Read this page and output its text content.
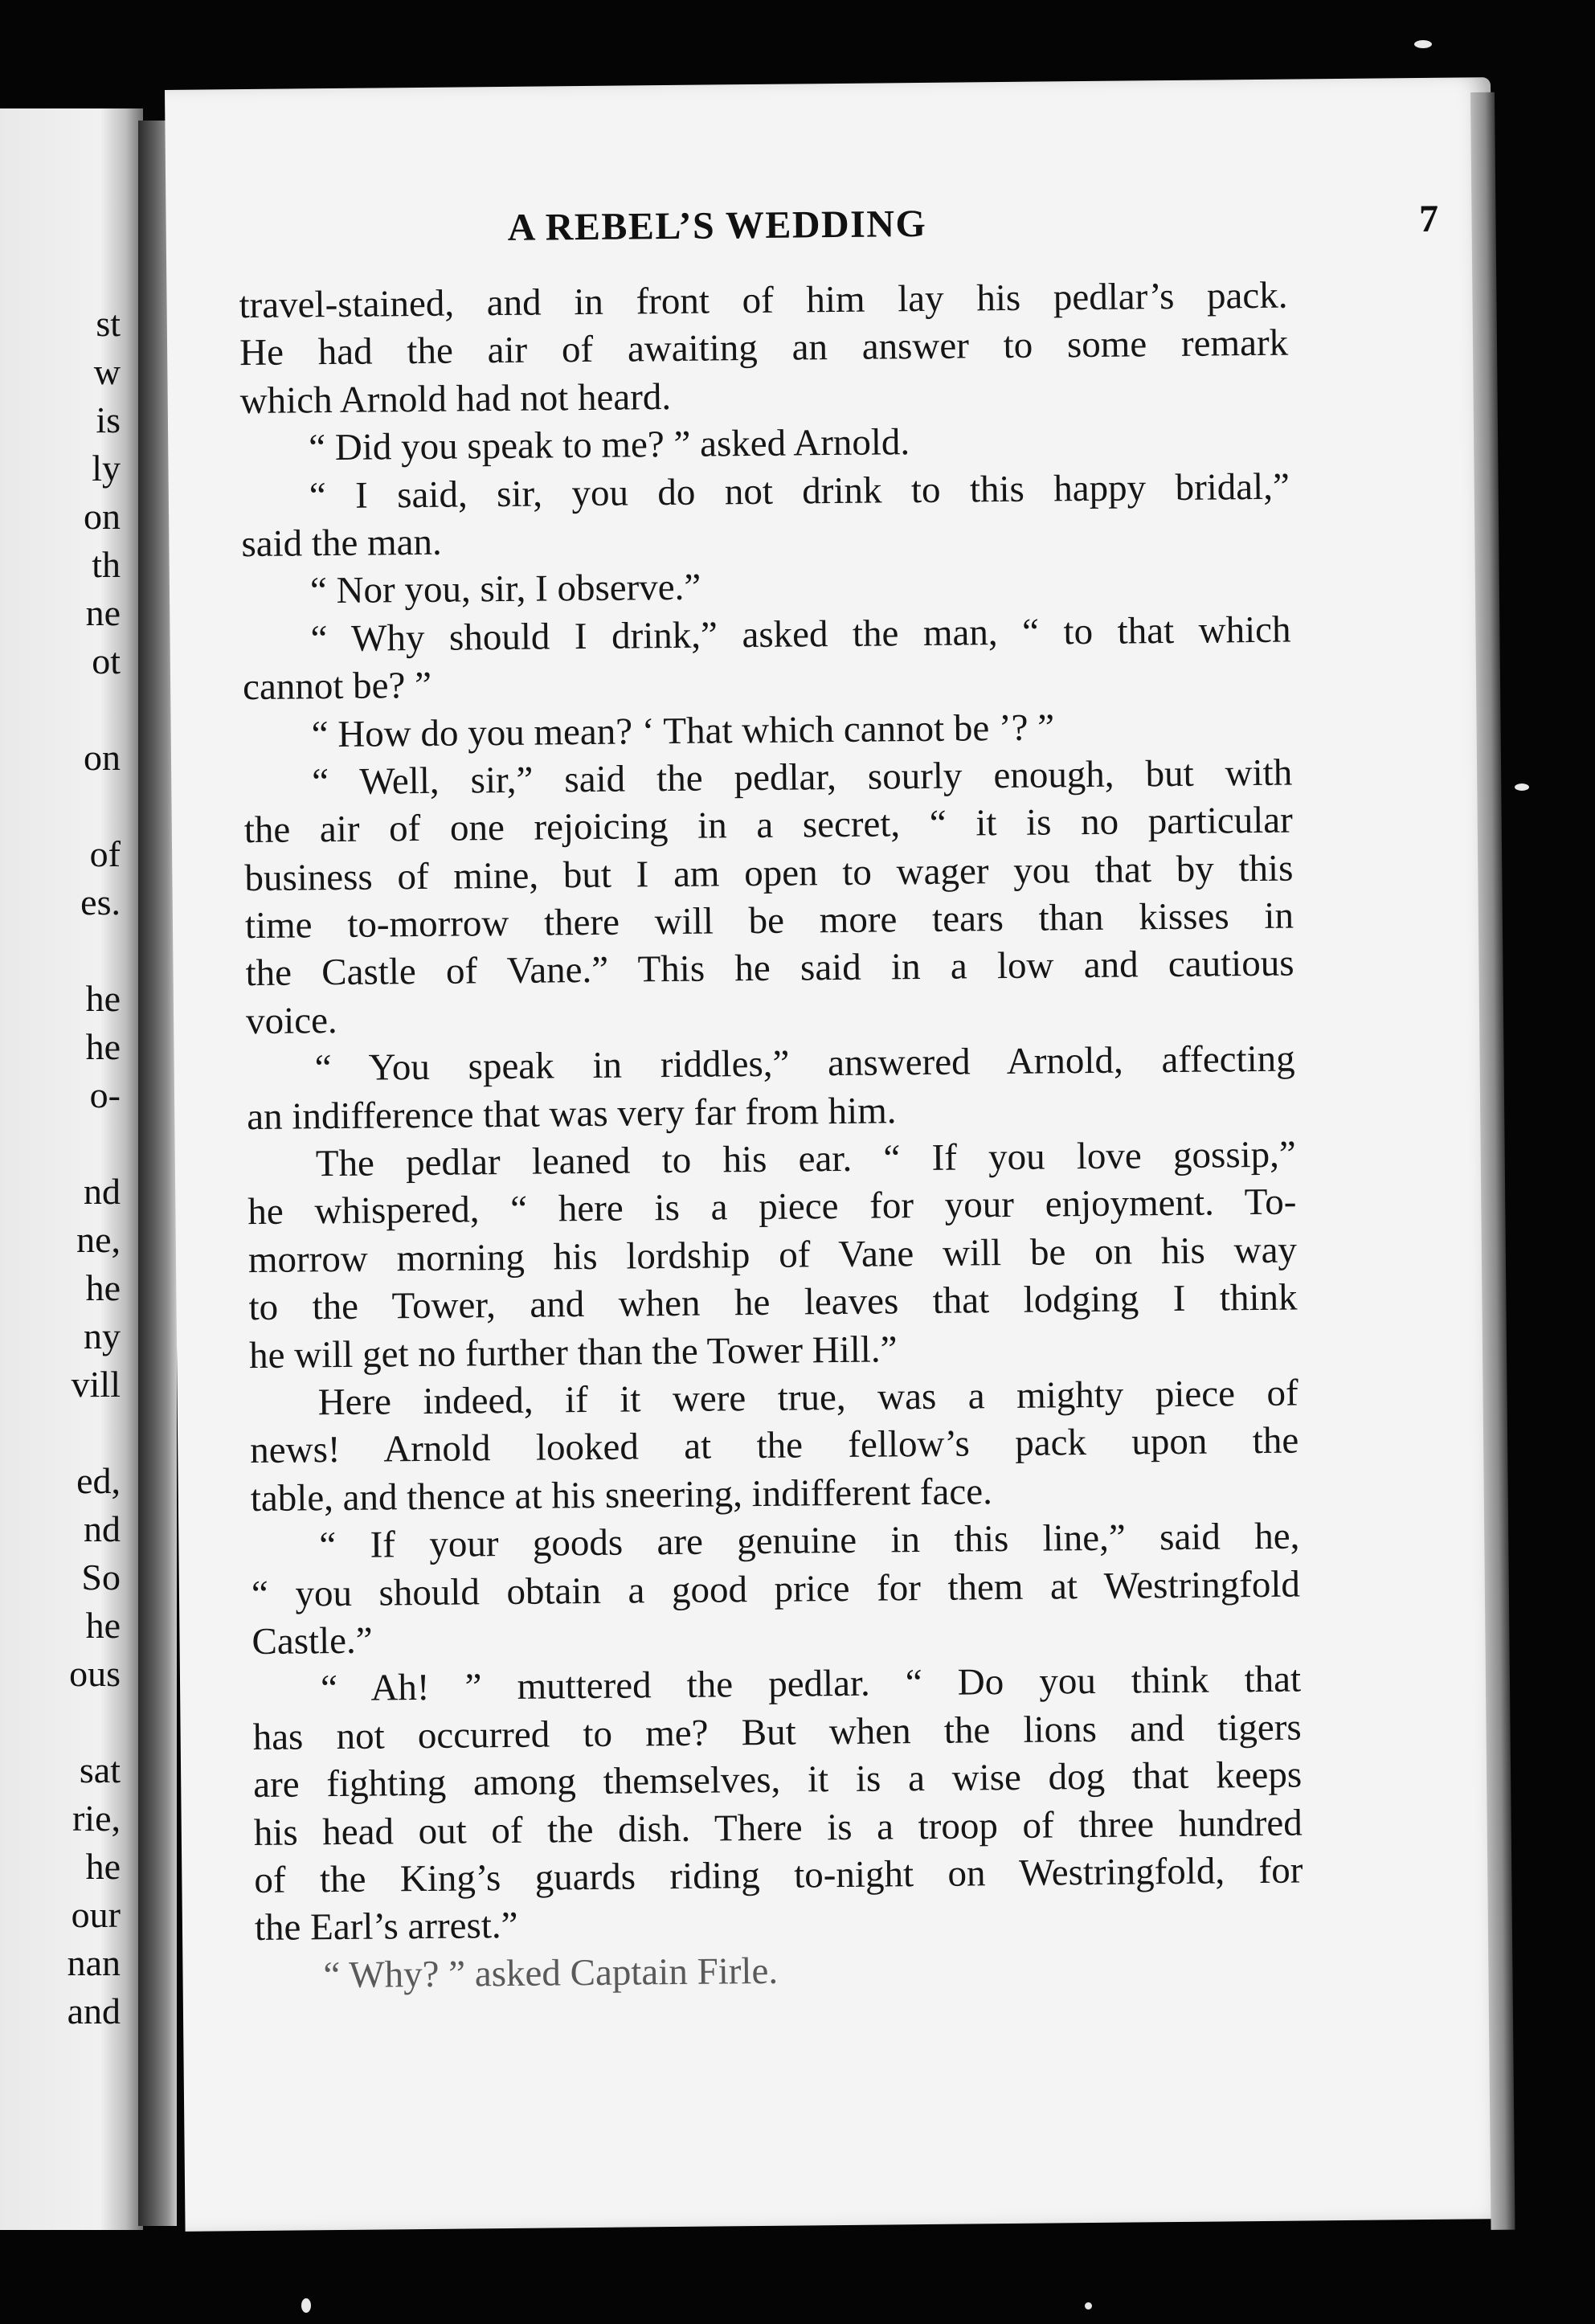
st
w
is
ly
on
th
ne
ot
on
of
es.
he
he
o-
nd
ne,
he
ny
vill
ed,
nd
So
he
ous
sat
rie,
he
our
nan
and
A REBEL’S WEDDING	7
travel-stained, and in front of him lay his pedlar’s pack.
He had the air of awaiting an answer to some remark
which Arnold had not heard.
“ Did you speak to me? ” asked Arnold.
“ I said, sir, you do not drink to this happy bridal,”
said the man.
“ Nor you, sir, I observe.”
“ Why should I drink,” asked the man, “ to that which
cannot be? ”
“ How do you mean? ‘ That which cannot be ’? ”
“ Well, sir,” said the pedlar, sourly enough, but with
the air of one rejoicing in a secret, “ it is no particular
business of mine, but I am open to wager you that by this
time to-morrow there will be more tears than kisses in
the Castle of Vane.” This he said in a low and cautious
voice.
“ You speak in riddles,” answered Arnold, affecting
an indifference that was very far from him.
The pedlar leaned to his ear. “ If you love gossip,”
he whispered, “ here is a piece for your enjoyment. To-
morrow morning his lordship of Vane will be on his way
to the Tower, and when he leaves that lodging I think
he will get no further than the Tower Hill.”
Here indeed, if it were true, was a mighty piece of
news! Arnold looked at the fellow’s pack upon the
table, and thence at his sneering, indifferent face.
“ If your goods are genuine in this line,” said he,
“ you should obtain a good price for them at Westringfold
Castle.”
“ Ah! ” muttered the pedlar. “ Do you think that
has not occurred to me? But when the lions and tigers
are fighting among themselves, it is a wise dog that keeps
his head out of the dish. There is a troop of three hundred
of the King’s guards riding to-night on Westringfold, for
the Earl’s arrest.”
“ Why? ” asked Captain Firle.
